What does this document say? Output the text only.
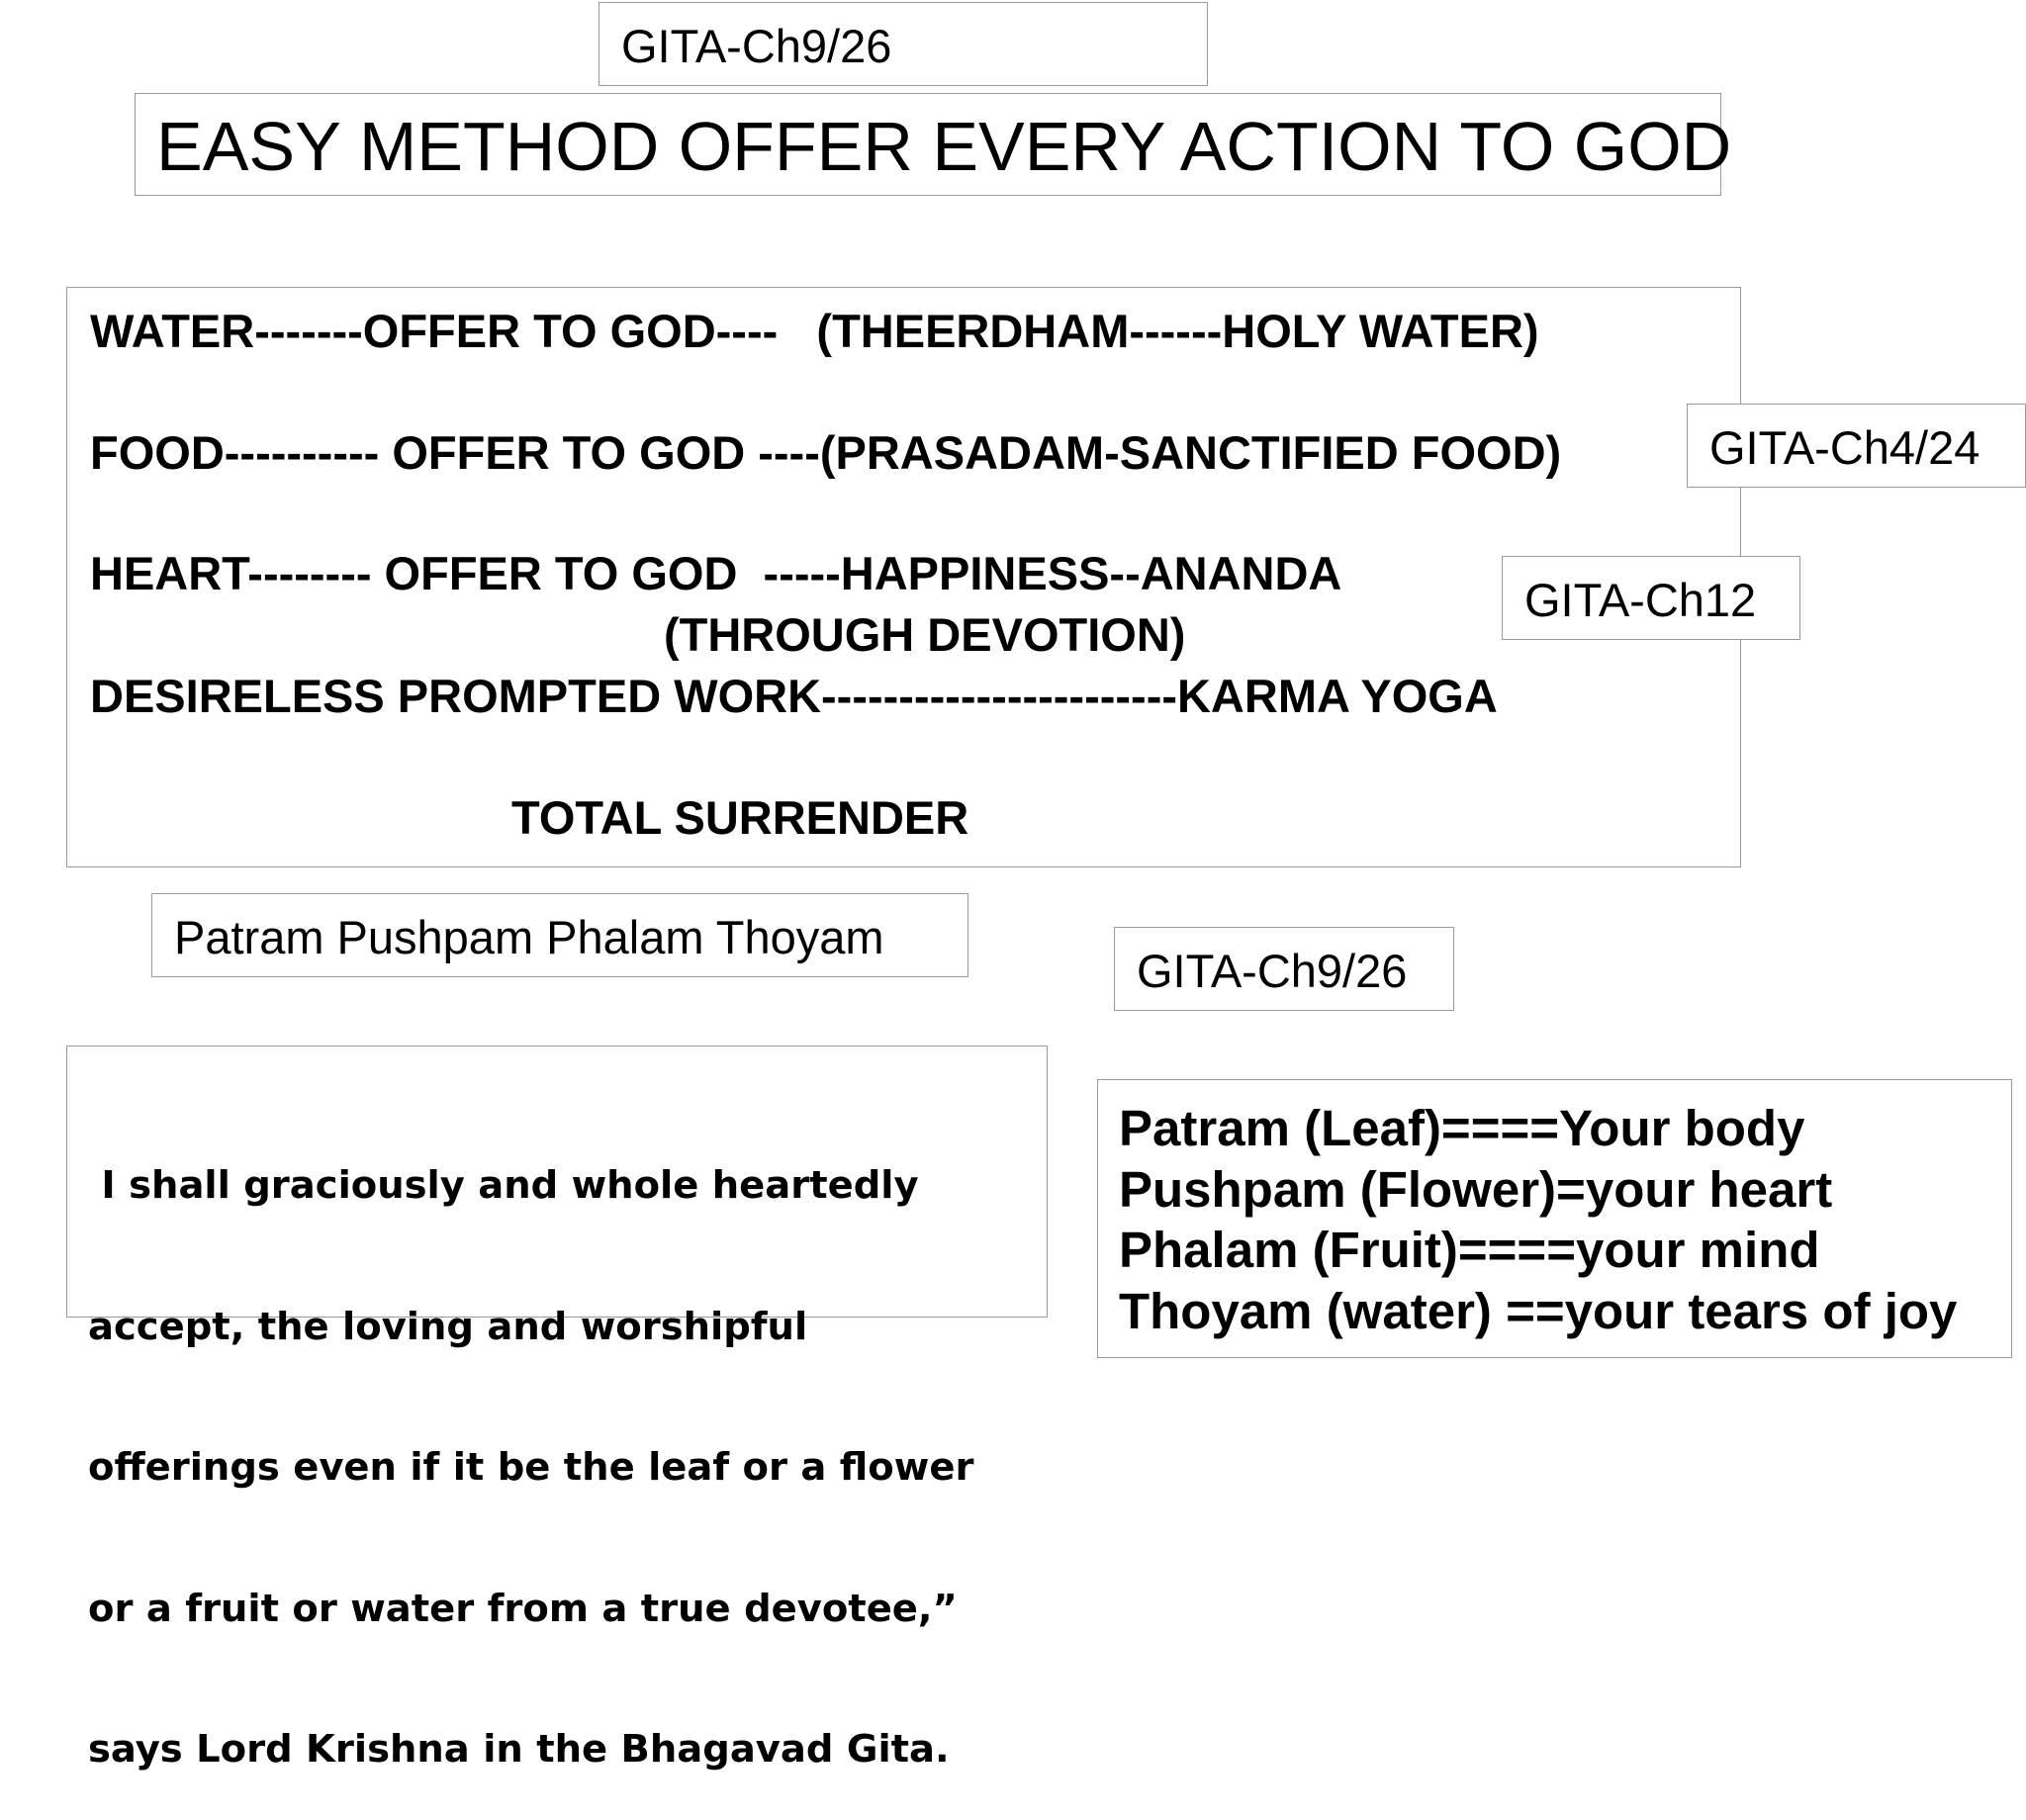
GITA-Ch9/26
EASY METHOD OFFER EVERY ACTION TO GOD
WATER-------OFFER TO GOD----   (THEERDHAM------HOLY WATER)
FOOD---------- OFFER TO GOD ----(PRASADAM-SANCTIFIED FOOD)
HEART-------- OFFER TO GOD  -----HAPPINESS--ANANDA
(THROUGH DEVOTION)
DESIRELESS PROMPTED WORK-----------------------KARMA YOGA
TOTAL SURRENDER
GITA-Ch4/24
GITA-Ch12
Patram Pushpam Phalam Thoyam
GITA-Ch9/26

I shall graciously and whole heartedly

accept, the loving and worshipful

offerings even if it be the leaf or a flower

or a fruit or water from a true devotee,”

says Lord Krishna in the Bhagavad Gita.

Patram (Leaf)====Your body
Pushpam (Flower)=your heart
Phalam (Fruit)====your mind
Thoyam (water) ==your tears of joy
